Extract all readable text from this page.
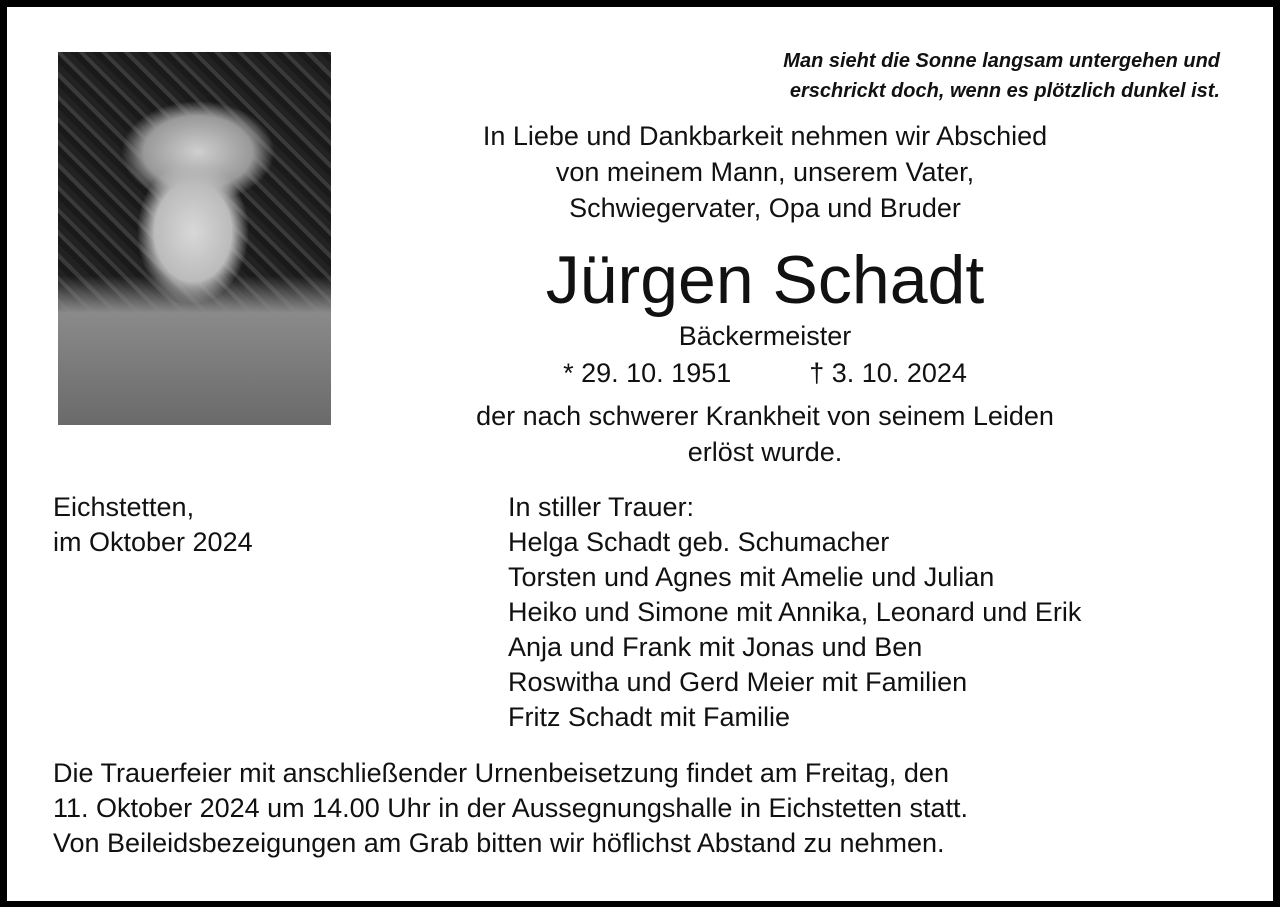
Man sieht die Sonne langsam untergehen und
erschrickt doch, wenn es plötzlich dunkel ist.
In Liebe und Dankbarkeit nehmen wir Abschied
von meinem Mann, unserem Vater,
Schwiegervater, Opa und Bruder
Jürgen Schadt
Bäckermeister
* 29. 10. 1951	† 3. 10. 2024
der nach schwerer Krankheit von seinem Leiden
erlöst wurde.
Eichstetten,
im Oktober 2024
In stiller Trauer:
Helga Schadt geb. Schumacher
Torsten und Agnes mit Amelie und Julian
Heiko und Simone mit Annika, Leonard und Erik
Anja und Frank mit Jonas und Ben
Roswitha und Gerd Meier mit Familien
Fritz Schadt mit Familie
Die Trauerfeier mit anschließender Urnenbeisetzung findet am Freitag, den
11. Oktober 2024 um 14.00 Uhr in der Aussegnungshalle in Eichstetten statt.
Von Beileidsbezeigungen am Grab bitten wir höflichst Abstand zu nehmen.
